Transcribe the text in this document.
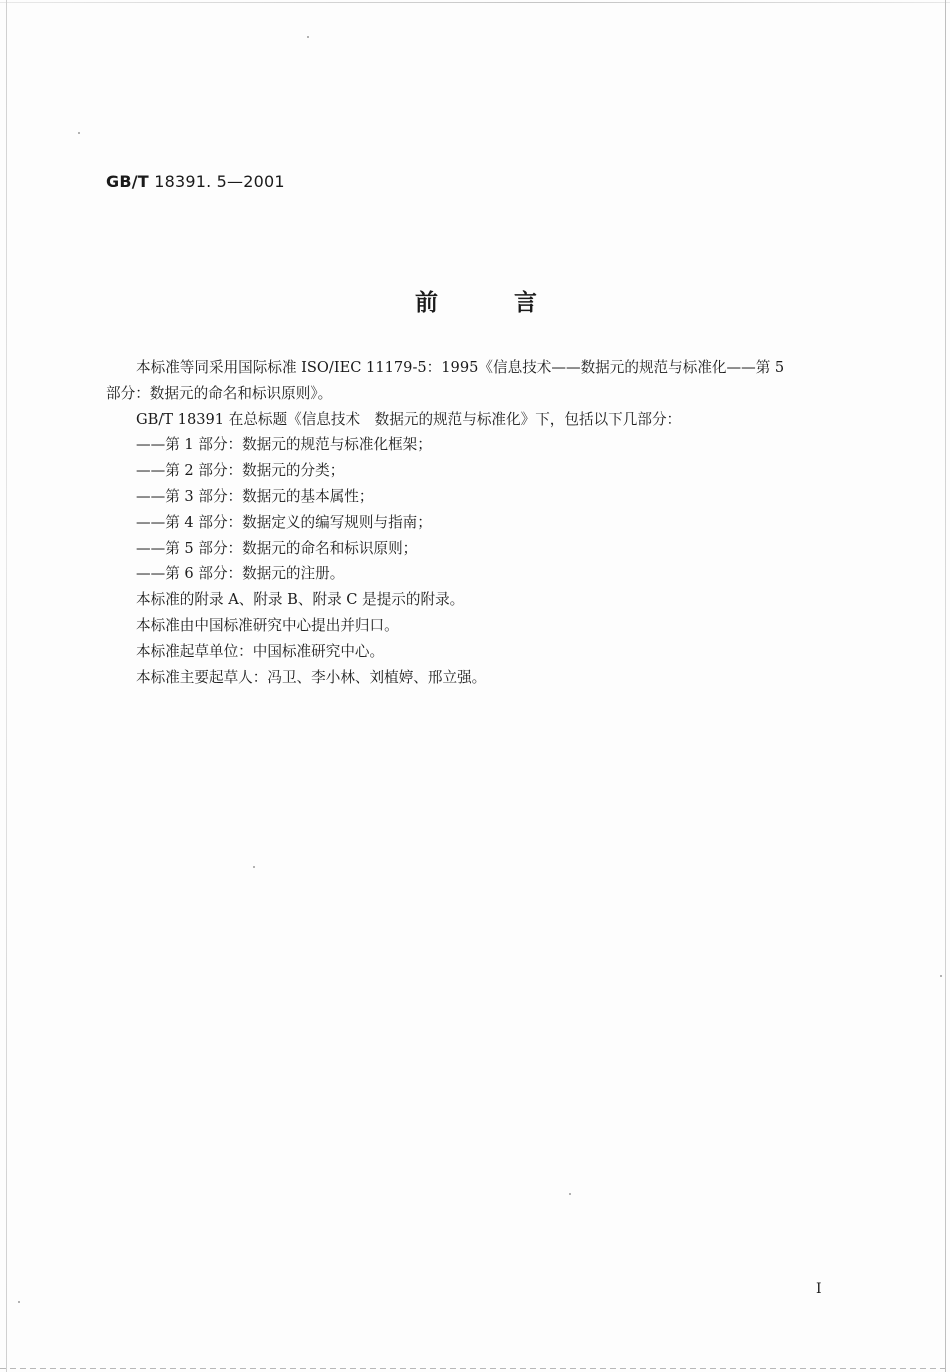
GB/T 18391. 5—2001
前言

本标准等同采用国际标准 ISO/IEC 11179-5：1995《信息技术——数据元的规范与标准化——第 5

部分：数据元的命名和标识原则》。

GB/T 18391 在总标题《信息技术　数据元的规范与标准化》下，包括以下几部分：

——第 1 部分：数据元的规范与标准化框架；

——第 2 部分：数据元的分类；

——第 3 部分：数据元的基本属性；

——第 4 部分：数据定义的编写规则与指南；

——第 5 部分：数据元的命名和标识原则；

——第 6 部分：数据元的注册。

本标准的附录 A、附录 B、附录 C 是提示的附录。

本标准由中国标准研究中心提出并归口。

本标准起草单位：中国标准研究中心。

本标准主要起草人：冯卫、李小林、刘植婷、邢立强。

I
